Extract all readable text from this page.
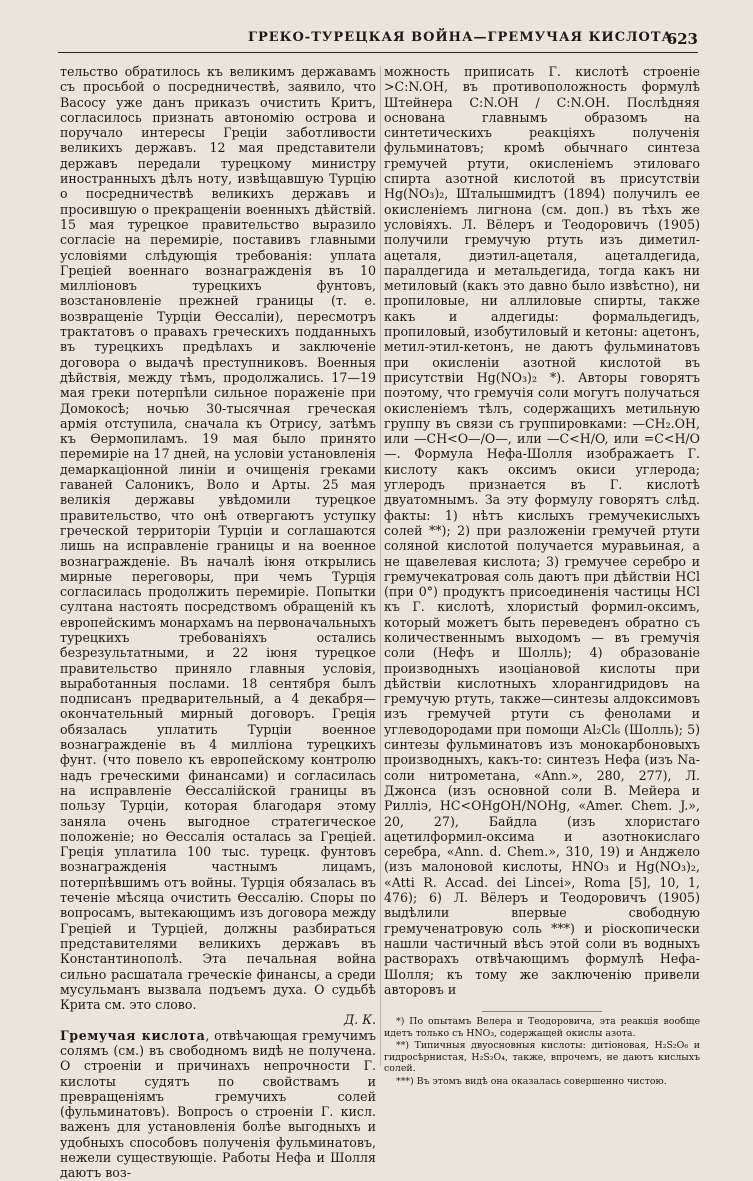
ГРЕКО-ТУРЕЦКАЯ ВОЙНА—ГРЕМУЧАЯ КИСЛОТА
623

тельство обратилось къ великимъ державамъ съ просьбой о посредничествѣ, заявило, что Васосу уже данъ приказъ очистить Критъ, согласилось признать автономію острова и поручало интересы Греціи заботливости великихъ державъ. 12 мая представители державъ передали турецкому министру иностранныхъ дѣлъ ноту, извѣщавшую Турцію о посредничествѣ великихъ державъ и просившую о прекращеніи военныхъ дѣйствій. 15 мая турецкое правительство выразило согласіе на перемиріе, поставивъ главными условіями слѣдующія требованія: уплата Греціей военнаго вознагражденія въ 10 милліоновъ турецкихъ фунтовъ, возстановленіе прежней границы (т. е. возвращеніе Турціи Ѳессаліи), пересмотръ трактатовъ о правахъ греческихъ подданныхъ въ турецкихъ предѣлахъ и заключеніе договора о выдачѣ преступниковъ. Военныя дѣйствія, между тѣмъ, продолжались. 17—19 мая греки потерпѣли сильное пораженіе при Домокосѣ; ночью 30-тысячная греческая армія отступила, сначала къ Отрису, затѣмъ къ Ѳермопиламъ. 19 мая было принято перемиріе на 17 дней, на условіи установленія демаркаціонной линіи и очищенія греками гаваней Салоникъ, Воло и Арты. 25 мая великія державы увѣдомили турецкое правительство, что онѣ отвергаютъ уступку греческой территоріи Турціи и соглашаются лишь на исправленіе границы и на военное вознагражденіе. Въ началѣ іюня открылись мирные переговоры, при чемъ Турція согласилась продолжить перемиріе. Попытки султана настоять посредствомъ обращеній къ европейскимъ монархамъ на первоначальныхъ турецкихъ требованіяхъ остались безрезультатными, и 22 іюня турецкое правительство приняло главныя условія, выработанныя послами. 18 сентября былъ подписанъ предварительный, а 4 декабря—окончательный мирный договоръ. Греція обязалась уплатить Турціи военное вознагражденіе въ 4 милліона турецкихъ фунт. (что повело къ европейскому контролю надъ греческими финансами) и согласилась на исправленіе Ѳессалійской границы въ пользу Турціи, которая благодаря этому заняла очень выгодное стратегическое положеніе; но Ѳессалія осталась за Греціей. Греція уплатила 100 тыс. турецк. фунтовъ вознагражденія частнымъ лицамъ, потерпѣвшимъ отъ войны. Турція обязалась въ теченіе мѣсяца очистить Ѳессалію. Споры по вопросамъ, вытекающимъ изъ договора между Греціей и Турціей, должны разбираться представителями великихъ державъ въ Константинополѣ. Эта печальная война сильно расшатала греческіе финансы, а среди мусульманъ вызвала подъемъ духа. О судьбѣ Крита см. это слово.

Д. К.

Гремучая кислота, отвѣчающая гремучимъ солямъ (см.) въ свободномъ видѣ не получена. О строеніи и причинахъ непрочности Г. кислоты судятъ по свойствамъ и превращеніямъ гремучихъ солей (фульминатовъ). Вопросъ о строеніи Г. кисл. важенъ для установленія болѣе выгодныхъ и удобныхъ способовъ полученія фульминатовъ, нежели существующіе. Работы Нефа и Шолля даютъ воз-

можность приписать Г. кислотѣ строеніе >C:N.OH, въ противоположность формулѣ Штейнера C:N.OH / C:N.OH. Послѣдняя основана главнымъ образомъ на синтетическихъ реакціяхъ полученія фульминатовъ; кромѣ обычнаго синтеза гремучей ртути, окисленіемъ этиловаго спирта азотной кислотой въ присутствіи Hg(NO₃)₂, Шталышмидтъ (1894) получилъ ее окисленіемъ лигнона (см. доп.) въ тѣхъ же условіяхъ. Л. Вёлеръ и Теодоровичъ (1905) получили гремучую ртуть изъ диметил-ацеталя, диэтил-ацеталя, ацеталдегида, паралдегида и метальдегида, тогда какъ ни метиловый (какъ это давно было извѣстно), ни пропиловые, ни аллиловые спирты, также какъ и алдегиды: формальдегидъ, пропиловый, изобутиловый и кетоны: ацетонъ, метил-этил-кетонъ, не даютъ фульминатовъ при окисленіи азотной кислотой въ присутствіи Hg(NO₃)₂ *). Авторы говорятъ поэтому, что гремучія соли могутъ получаться окисленіемъ тѣлъ, содержащихъ метильную группу въ связи съ группировками: —CH₂.OH, или —CH<O—/O—, или —C<H/O, или =C<H/O—. Формула Нефа-Шолля изображаетъ Г. кислоту какъ оксимъ окиси углерода; углеродъ признается въ Г. кислотѣ двуатомнымъ. За эту формулу говорятъ слѣд. факты: 1) нѣтъ кислыхъ гремучекислыхъ солей **); 2) при разложеніи гремучей ртути соляной кислотой получается муравьиная, а не щавелевая кислота; 3) гремучее серебро и гремучекатровая соль даютъ при дѣйствіи HCl (при 0°) продуктъ присоединенія частицы HCl къ Г. кислотѣ, хлористый формил-оксимъ, который можетъ быть переведенъ обратно съ количественнымъ выходомъ — въ гремучія соли (Нефъ и Шолль); 4) образованіе производныхъ изоціановой кислоты при дѣйствіи кислотныхъ хлорангидридовъ на гремучую ртуть, также—синтезы алдоксимовъ изъ гремучей ртути съ фенолами и углеводородами при помощи Al₂Cl₆ (Шолль); 5) синтезы фульминатовъ изъ монокарбоновыхъ производныхъ, какъ-то: синтезъ Нефа (изъ Na-соли нитрометана, «Ann.», 280, 277), Л. Джонса (изъ основной соли В. Мейера и Рилліэ, HC<OHgOH/NOHg, «Amer. Chem. J.», 20, 27), Байдла (изъ хлористаго ацетилформил-оксима и азотнокислаго серебра, «Ann. d. Chem.», 310, 19) и Анджело (изъ малоновой кислоты, HNO₃ и Hg(NO₃)₂, «Atti R. Accad. dei Lincei», Roma [5], 10, 1, 476); 6) Л. Вёлеръ и Теодоровичъ (1905) выдѣлили впервые свободную гремученатровую соль ***) и ріоскопически нашли частичный вѣсъ этой соли въ водныхъ растворахъ отвѣчающимъ формулѣ Нефа-Шолля; къ тому же заключенію привели авторовъ и

*) По опытамъ Велера и Теодоровича, эта реакція вообще идетъ только съ HNO₃, содержащей окислы азота.
**) Типичныя двуосновныя кислоты: дитіоновая, H₂S₂O₆ и гидросѣрнистая, H₂S₂O₄, также, впрочемъ, не даютъ кислыхъ солей.
***) Въ этомъ видѣ она оказалась совершенно чистою.
